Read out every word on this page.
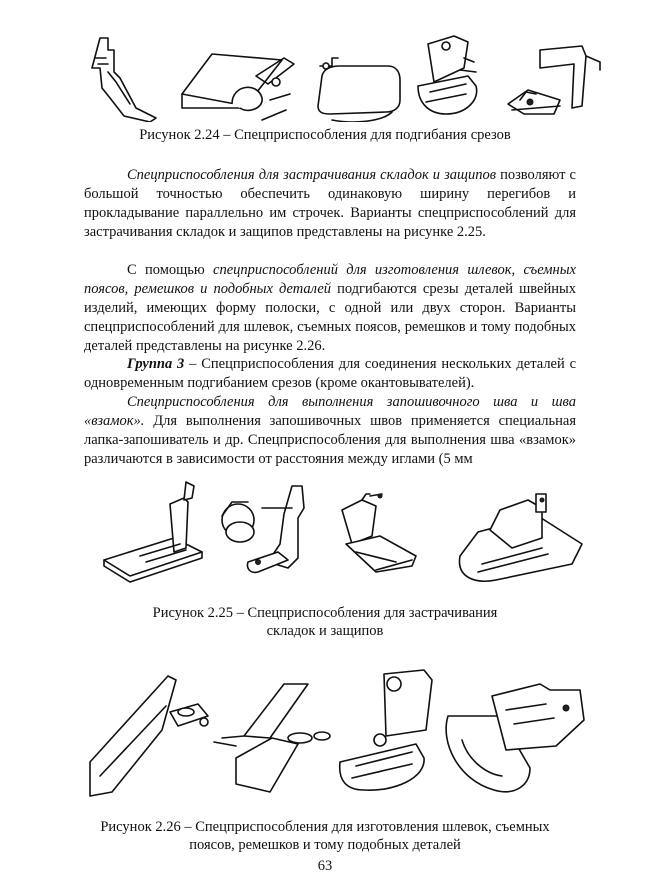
Рисунок 2.24 – Спецприспособления для подгибания срезов

Спецприспособления для застрачивания складок и защипов позволяют с большой точностью обеспечить одинаковую ширину перегибов и прокладывание параллельно им строчек. Варианты спецприспособлений для застрачивания складок и защипов представлены на рисунке 2.25.

С помощью спецприспособлений для изготовления шлевок, съемных поясов, ремешков и подобных деталей подгибаются срезы деталей швейных изделий, имеющих форму полоски, с одной или двух сторон. Варианты спецприспособлений для шлевок, съемных поясов, ремешков и тому подобных деталей представлены на рисунке 2.26.

Группа 3 – Спецприспособления для соединения нескольких деталей с одновременным подгибанием срезов (кроме окантовывателей).

Спецприспособления для выполнения запошивочного шва и шва «взамок». Для выполнения запошивочных швов применяется специальная лапка-запошиватель и др. Спецприспособления для выполнения шва «взамок» различаются в зависимости от расстояния между иглами (5 мм

Рисунок 2.25 – Спецприспособления для застрачивания
складок и защипов
Рисунок 2.26 – Спецприспособления для изготовления шлевок, съемных
поясов, ремешков и тому подобных деталей
63
